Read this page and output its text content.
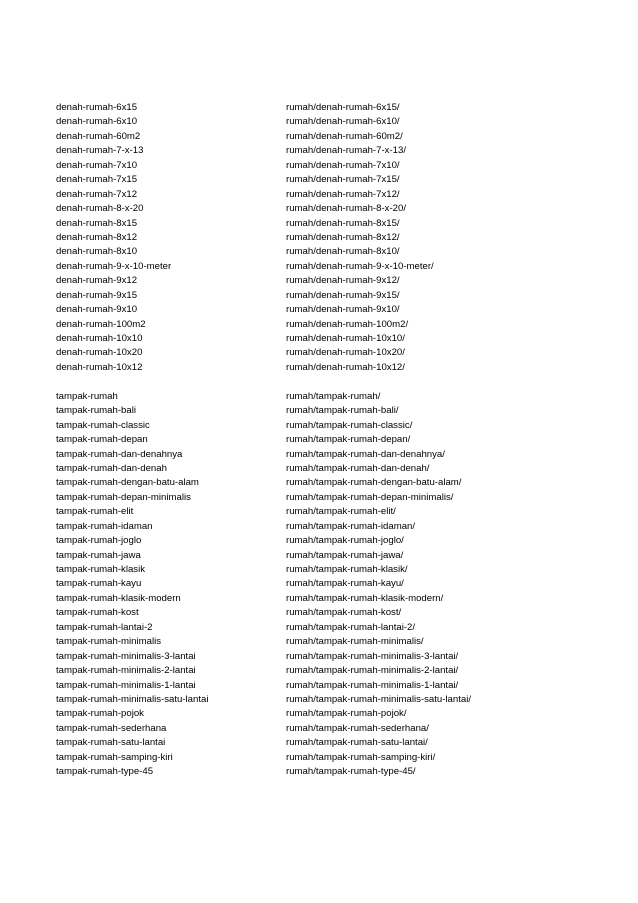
denah-rumah-6x15	rumah/denah-rumah-6x15/
denah-rumah-6x10	rumah/denah-rumah-6x10/
denah-rumah-60m2	rumah/denah-rumah-60m2/
denah-rumah-7-x-13	rumah/denah-rumah-7-x-13/
denah-rumah-7x10	rumah/denah-rumah-7x10/
denah-rumah-7x15	rumah/denah-rumah-7x15/
denah-rumah-7x12	rumah/denah-rumah-7x12/
denah-rumah-8-x-20	rumah/denah-rumah-8-x-20/
denah-rumah-8x15	rumah/denah-rumah-8x15/
denah-rumah-8x12	rumah/denah-rumah-8x12/
denah-rumah-8x10	rumah/denah-rumah-8x10/
denah-rumah-9-x-10-meter	rumah/denah-rumah-9-x-10-meter/
denah-rumah-9x12	rumah/denah-rumah-9x12/
denah-rumah-9x15	rumah/denah-rumah-9x15/
denah-rumah-9x10	rumah/denah-rumah-9x10/
denah-rumah-100m2	rumah/denah-rumah-100m2/
denah-rumah-10x10	rumah/denah-rumah-10x10/
denah-rumah-10x20	rumah/denah-rumah-10x20/
denah-rumah-10x12	rumah/denah-rumah-10x12/
tampak-rumah	rumah/tampak-rumah/
tampak-rumah-bali	rumah/tampak-rumah-bali/
tampak-rumah-classic	rumah/tampak-rumah-classic/
tampak-rumah-depan	rumah/tampak-rumah-depan/
tampak-rumah-dan-denahnya	rumah/tampak-rumah-dan-denahnya/
tampak-rumah-dan-denah	rumah/tampak-rumah-dan-denah/
tampak-rumah-dengan-batu-alam	rumah/tampak-rumah-dengan-batu-alam/
tampak-rumah-depan-minimalis	rumah/tampak-rumah-depan-minimalis/
tampak-rumah-elit	rumah/tampak-rumah-elit/
tampak-rumah-idaman	rumah/tampak-rumah-idaman/
tampak-rumah-joglo	rumah/tampak-rumah-joglo/
tampak-rumah-jawa	rumah/tampak-rumah-jawa/
tampak-rumah-klasik	rumah/tampak-rumah-klasik/
tampak-rumah-kayu	rumah/tampak-rumah-kayu/
tampak-rumah-klasik-modern	rumah/tampak-rumah-klasik-modern/
tampak-rumah-kost	rumah/tampak-rumah-kost/
tampak-rumah-lantai-2	rumah/tampak-rumah-lantai-2/
tampak-rumah-minimalis	rumah/tampak-rumah-minimalis/
tampak-rumah-minimalis-3-lantai	rumah/tampak-rumah-minimalis-3-lantai/
tampak-rumah-minimalis-2-lantai	rumah/tampak-rumah-minimalis-2-lantai/
tampak-rumah-minimalis-1-lantai	rumah/tampak-rumah-minimalis-1-lantai/
tampak-rumah-minimalis-satu-lantai	rumah/tampak-rumah-minimalis-satu-lantai/
tampak-rumah-pojok	rumah/tampak-rumah-pojok/
tampak-rumah-sederhana	rumah/tampak-rumah-sederhana/
tampak-rumah-satu-lantai	rumah/tampak-rumah-satu-lantai/
tampak-rumah-samping-kiri	rumah/tampak-rumah-samping-kiri/
tampak-rumah-type-45	rumah/tampak-rumah-type-45/
